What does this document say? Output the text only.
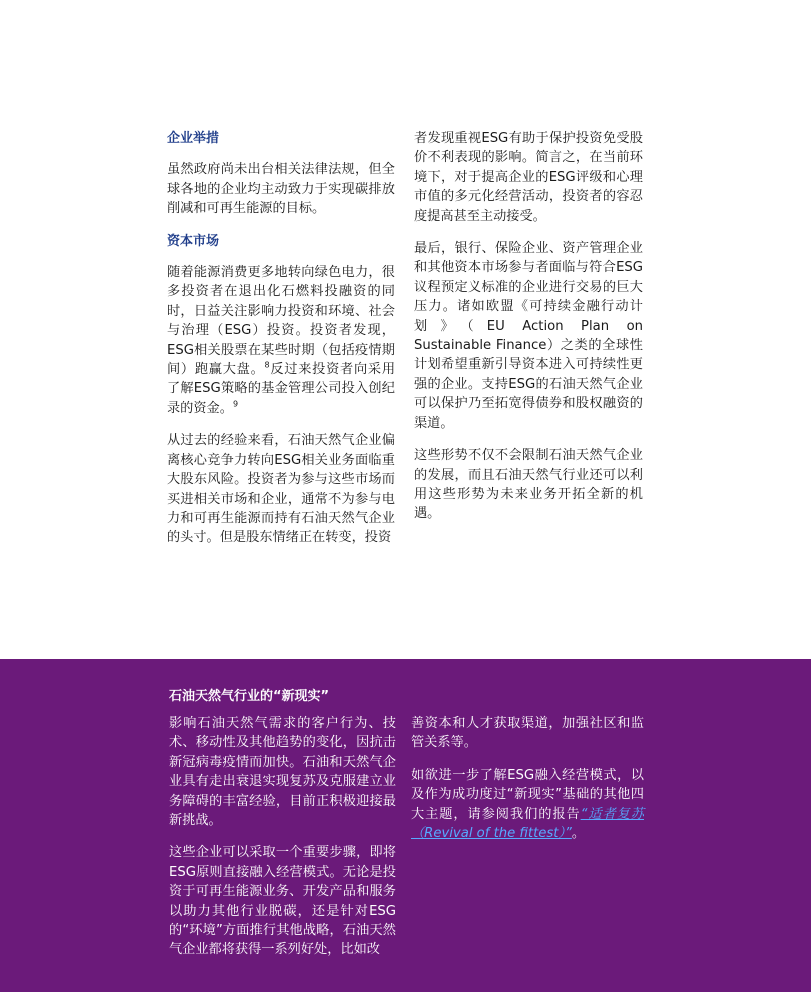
企业举措

虽然政府尚未出台相关法律法规，但全球各地的企业均主动致力于实现碳排放削减和可再生能源的目标。

资本市场

随着能源消费更多地转向绿色电力，很多投资者在退出化石燃料投融资的同时，日益关注影响力投资和环境、社会与治理（ESG）投资。投资者发现，ESG相关股票在某些时期（包括疫情期间）跑赢大盘。$^8$反过来投资者向采用了解ESG策略的基金管理公司投入创纪录的资金。$^9$

从过去的经验来看，石油天然气企业偏离核心竞争力转向ESG相关业务面临重大股东风险。投资者为参与这些市场而买进相关市场和企业，通常不为参与电力和可再生能源而持有石油天然气企业的头寸。但是股东情绪正在转变，投资

者发现重视ESG有助于保护投资免受股价不利表现的影响。简言之，在当前环境下，对于提高企业的ESG评级和心理市值的多元化经营活动，投资者的容忍度提高甚至主动接受。

最后，银行、保险企业、资产管理企业和其他资本市场参与者面临与符合ESG议程预定义标准的企业进行交易的巨大压力。诸如欧盟《可持续金融行动计划》（EU Action Plan on Sustainable Finance）之类的全球性计划希望重新引导资本进入可持续性更强的企业。支持ESG的石油天然气企业可以保护乃至拓宽得债券和股权融资的渠道。

这些形势不仅不会限制石油天然气企业的发展，而且石油天然气行业还可以利用这些形势为未来业务开拓全新的机遇。

石油天然气行业的“新现实”

影响石油天然气需求的客户行为、技术、移动性及其他趋势的变化，因抗击新冠病毒疫情而加快。石油和天然气企业具有走出衰退实现复苏及克服建立业务障碍的丰富经验，目前正积极迎接最新挑战。

这些企业可以采取一个重要步骤，即将ESG原则直接融入经营模式。无论是投资于可再生能源业务、开发产品和服务以助力其他行业脱碳，还是针对ESG的“环境”方面推行其他战略，石油天然气企业都将获得一系列好处，比如改

善资本和人才获取渠道，加强社区和监管关系等。

如欲进一步了解ESG融入经营模式，以及作为成功度过“新现实”基础的其他四大主题，请参阅我们的报告“适者复苏（Revival of the fittest）”。
